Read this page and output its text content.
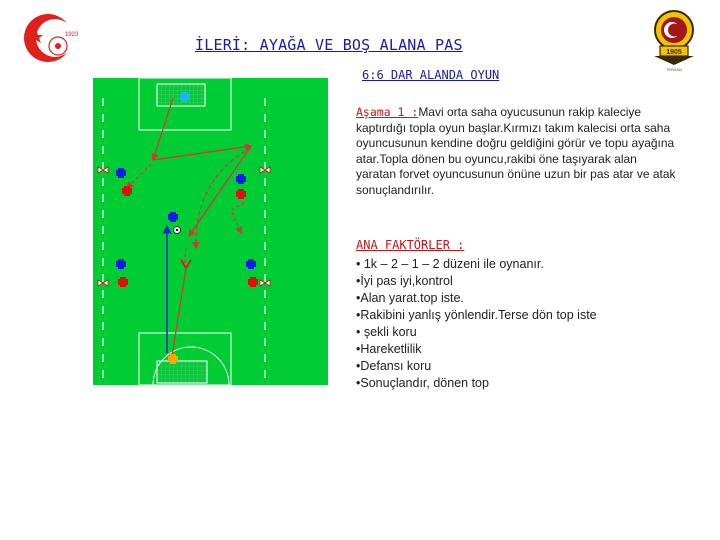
1923
1905
TEBSAN
İLERİ: AYAĞA VE BOŞ ALANA PAS
6:6 DAR ALANDA OYUN
Aşama 1 :Mavi orta saha oyucusunun rakip kaleciye kaptırdığı topla oyun başlar.Kırmızı takım kalecisi orta saha oyuncusunun kendine doğru geldiğini görür ve topu ayağına atar.Topla dönen bu oyuncu,rakibi öne taşıyarak alan yaratan forvet oyuncusunun önüne uzun bir pas atar ve atak sonuçlandırılır.
ANA FAKTÖRLER :
• 1k – 2 – 1 – 2 düzeni ile oynanır.
•İyi pas iyi,kontrol
•Alan yarat.top iste.
•Rakibini yanlış yönlendir.Terse dön top iste
• şekli koru
•Hareketlilik
•Defansı koru
•Sonuçlandır, dönen top
